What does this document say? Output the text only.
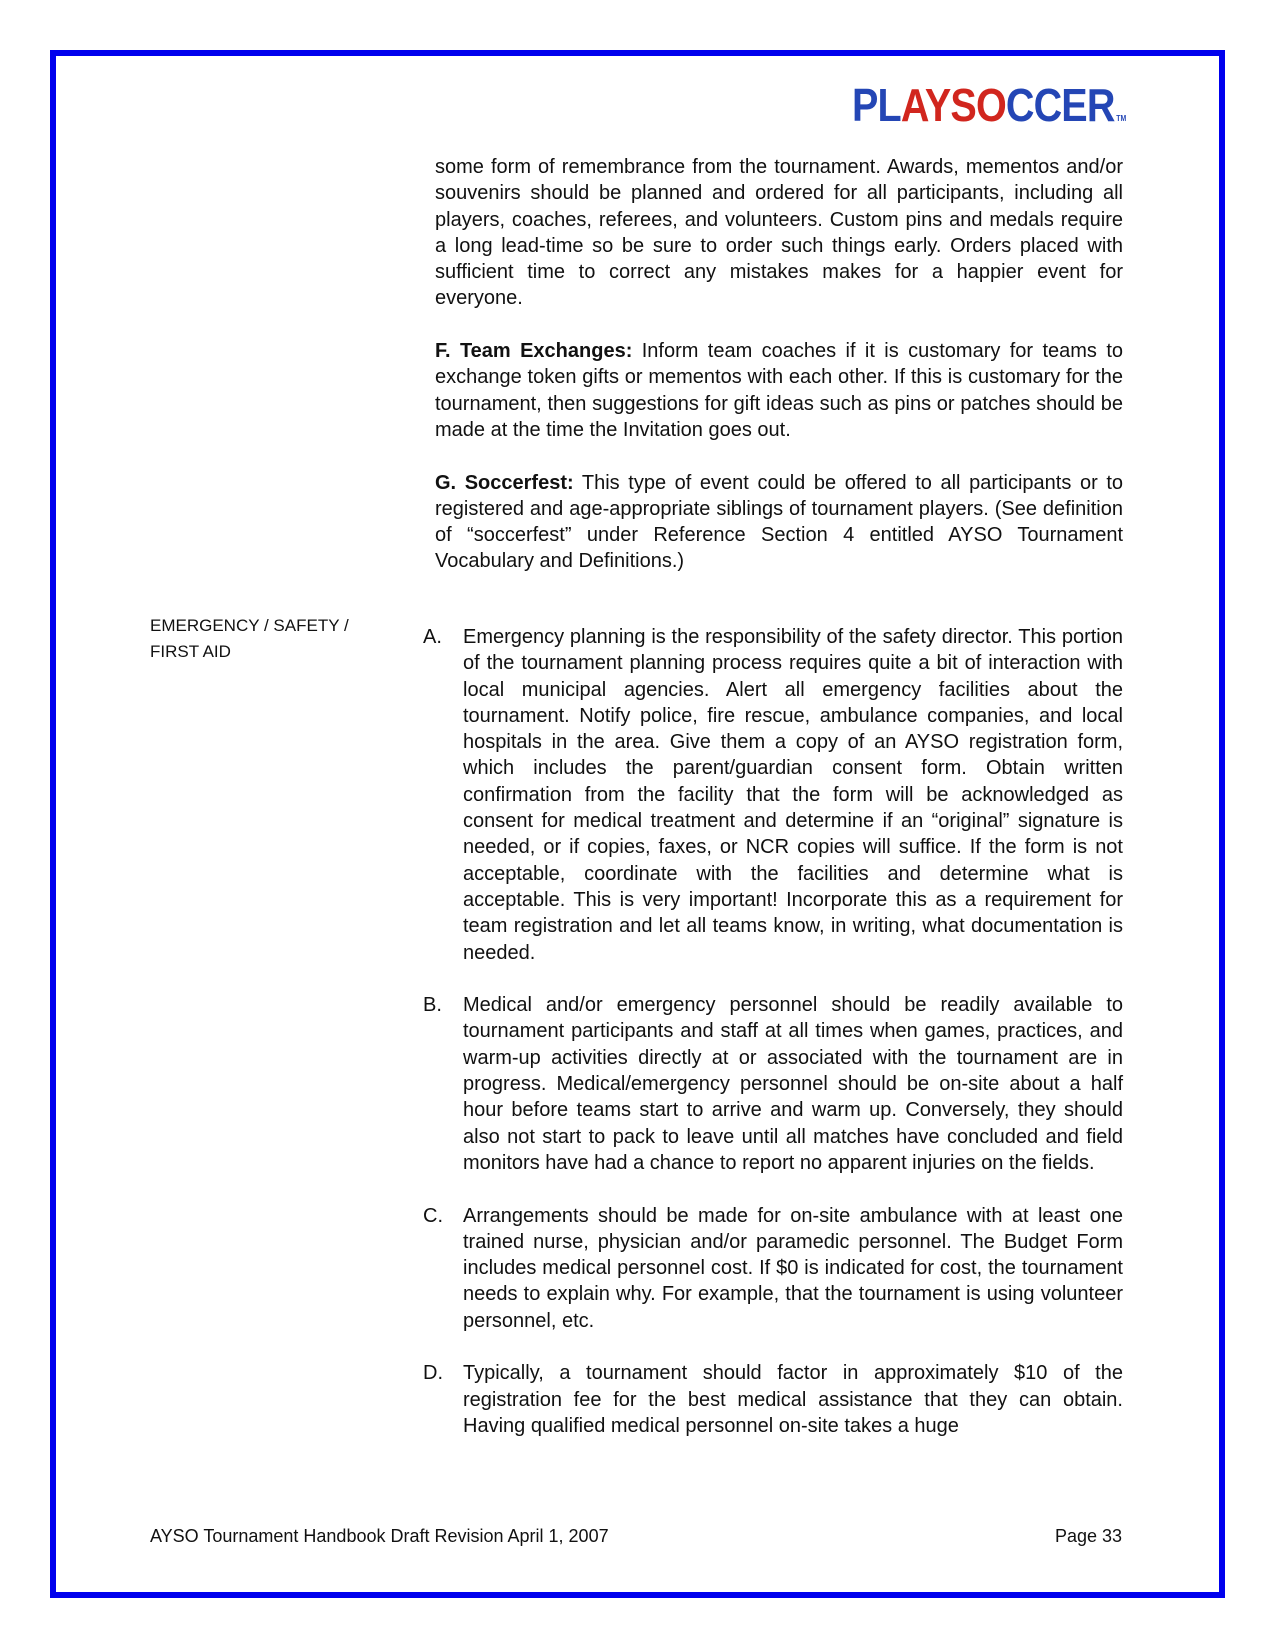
PLAYSOCCER TM

some form of remembrance from the tournament. Awards, mementos and/or souvenirs should be planned and ordered for all participants, including all players, coaches, referees, and volunteers. Custom pins and medals require a long lead-time so be sure to order such things early. Orders placed with sufficient time to correct any mistakes makes for a happier event for everyone.

F. Team Exchanges: Inform team coaches if it is customary for teams to exchange token gifts or mementos with each other. If this is customary for the tournament, then suggestions for gift ideas such as pins or patches should be made at the time the Invitation goes out.

G. Soccerfest: This type of event could be offered to all participants or to registered and age-appropriate siblings of tournament players. (See definition of “soccerfest” under Reference Section 4 entitled AYSO Tournament Vocabulary and Definitions.)

EMERGENCY / SAFETY /
FIRST AID
A.	Emergency planning is the responsibility of the safety director. This portion of the tournament planning process requires quite a bit of interaction with local municipal agencies. Alert all emergency facilities about the tournament. Notify police, fire rescue, ambulance companies, and local hospitals in the area. Give them a copy of an AYSO registration form, which includes the parent/guardian consent form. Obtain written confirmation from the facility that the form will be acknowledged as consent for medical treatment and determine if an “original” signature is needed, or if copies, faxes, or NCR copies will suffice. If the form is not acceptable, coordinate with the facilities and determine what is acceptable. This is very important! Incorporate this as a requirement for team registration and let all teams know, in writing, what documentation is needed.
B.	Medical and/or emergency personnel should be readily available to tournament participants and staff at all times when games, practices, and warm-up activities directly at or associated with the tournament are in progress. Medical/emergency personnel should be on-site about a half hour before teams start to arrive and warm up. Conversely, they should also not start to pack to leave until all matches have concluded and field monitors have had a chance to report no apparent injuries on the fields.
C.	Arrangements should be made for on-site ambulance with at least one trained nurse, physician and/or paramedic personnel. The Budget Form includes medical personnel cost. If $0 is indicated for cost, the tournament needs to explain why. For example, that the tournament is using volunteer personnel, etc.
D.	Typically, a tournament should factor in approximately $10 of the registration fee for the best medical assistance that they can obtain. Having qualified medical personnel on-site takes a huge
AYSO Tournament Handbook Draft Revision April 1, 2007	Page 33
